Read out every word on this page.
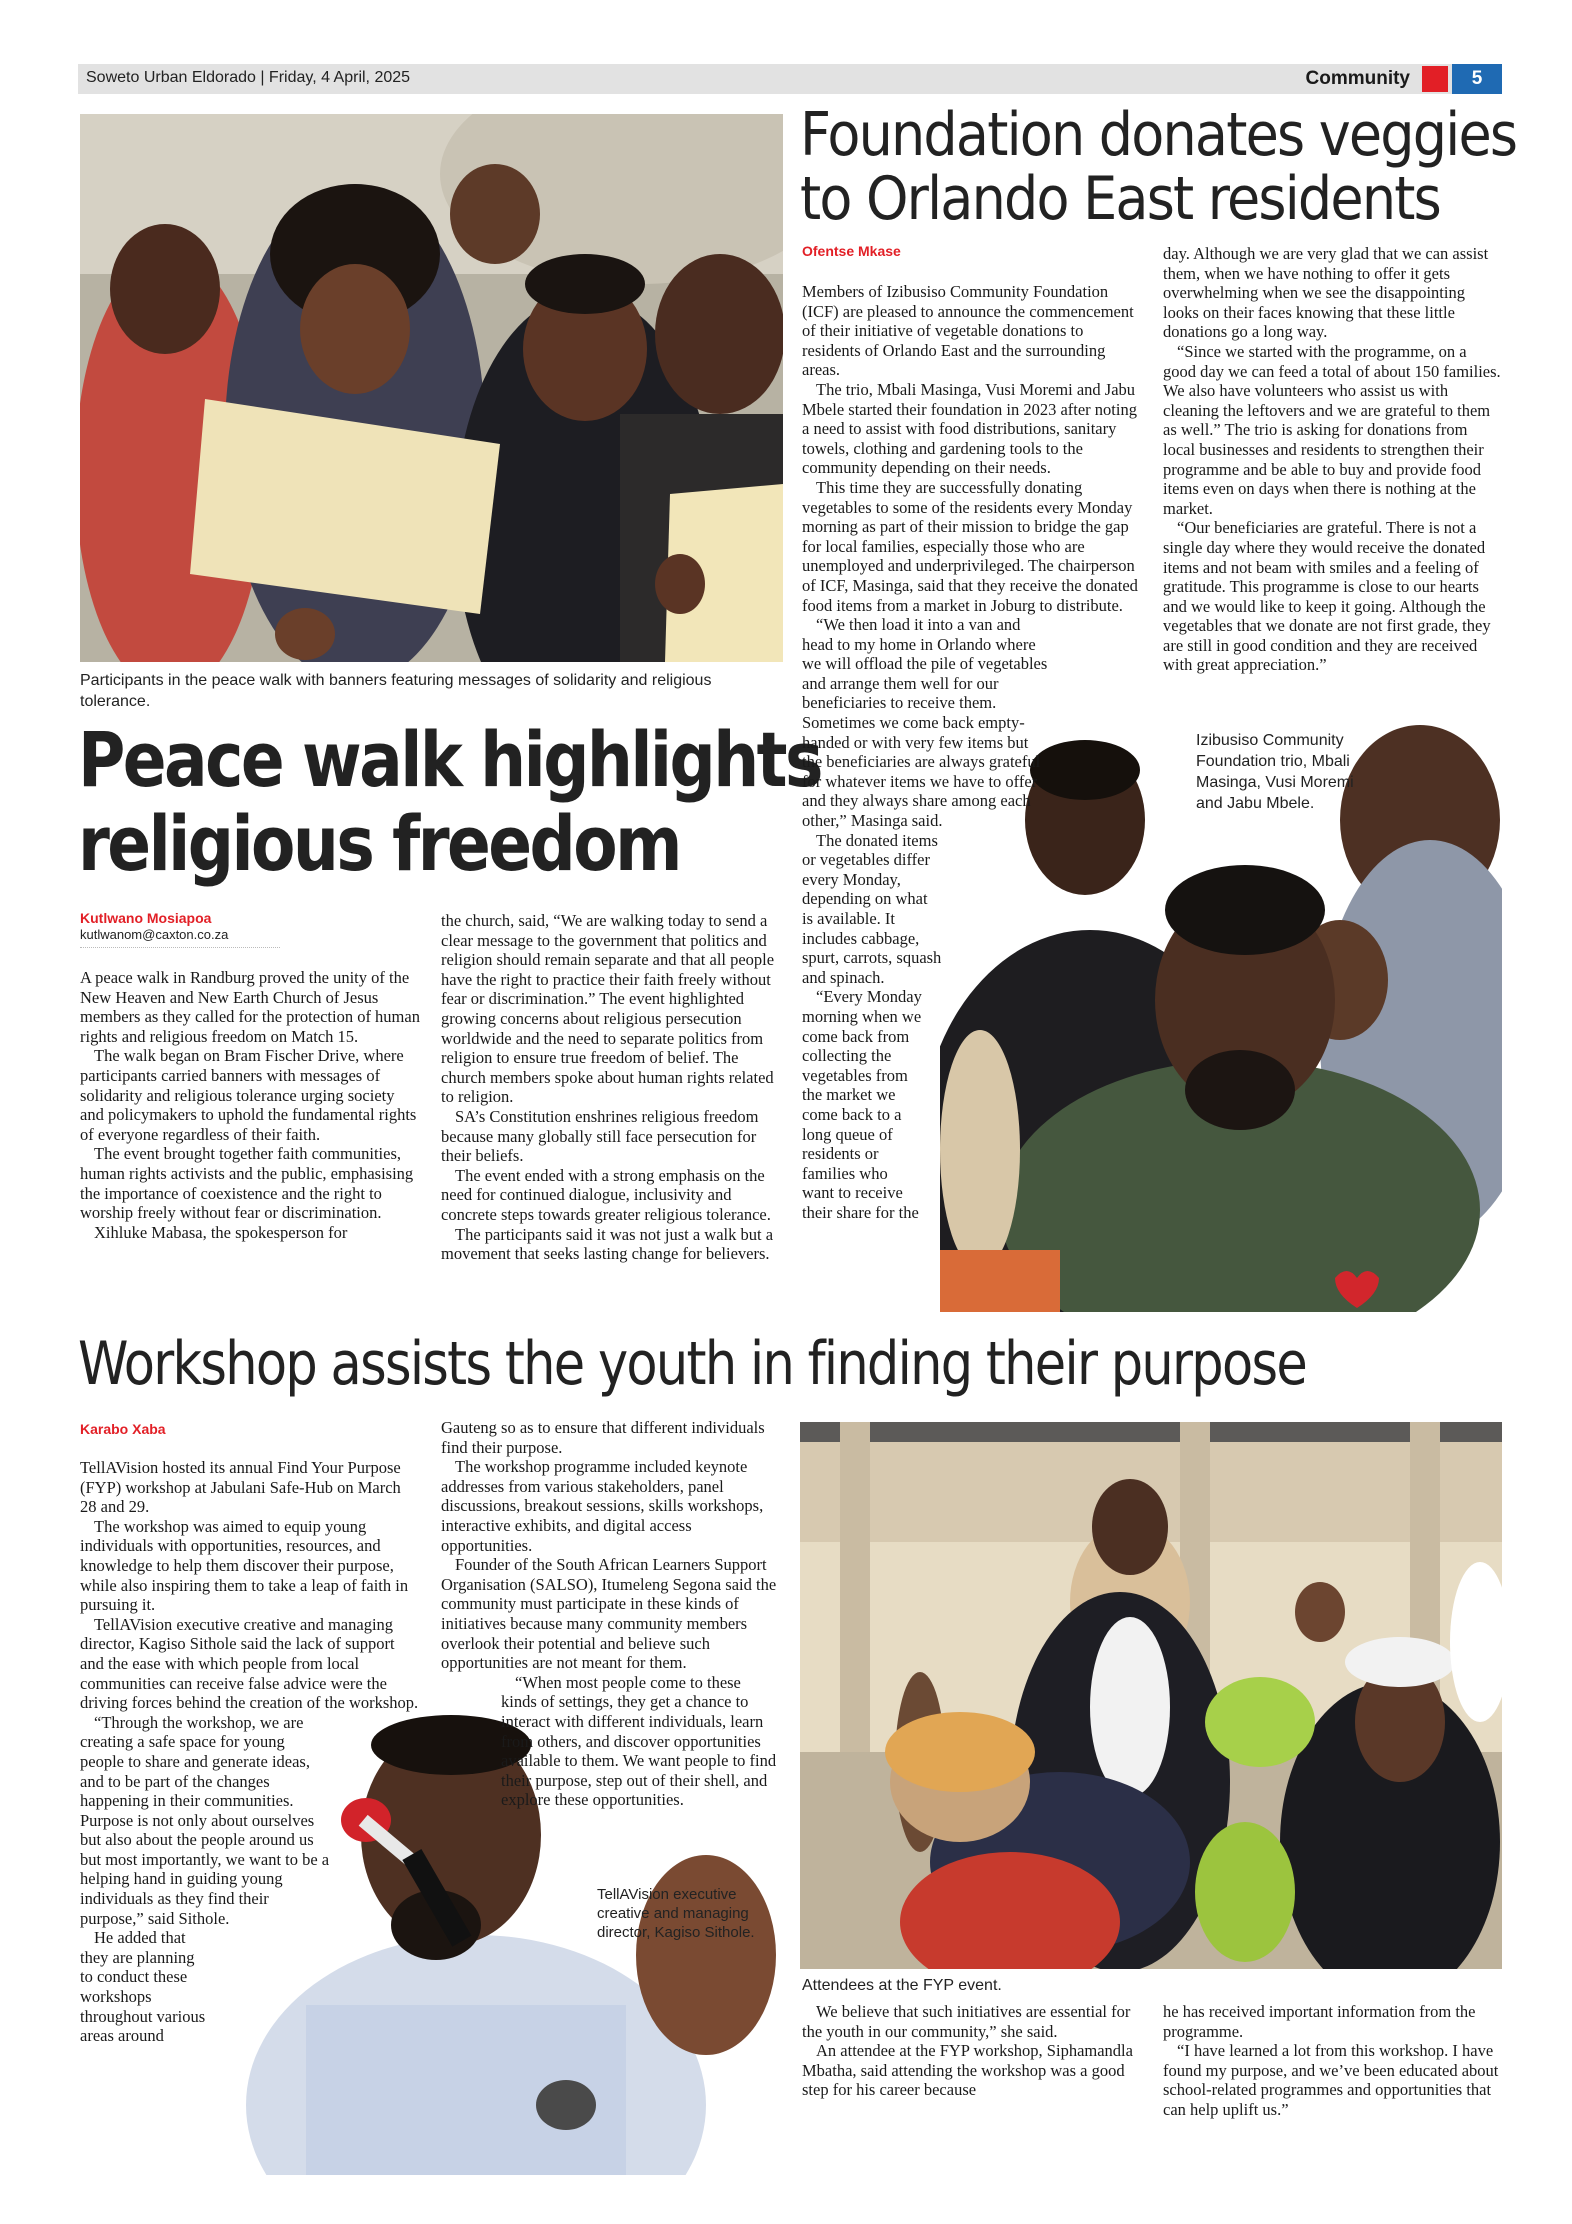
Soweto Urban Eldorado | Friday, 4 April, 2025	Community	5
Participants in the peace walk with banners featuring messages of solidarity and religious tolerance.
Peace walk highlights
religious freedom
Kutlwano Mosiapoa
kutlwanom@caxton.co.za

A peace walk in Randburg proved the unity of the New Heaven and New Earth Church of Jesus members as they called for the protection of human rights and religious freedom on Match 15.

The walk began on Bram Fischer Drive, where participants carried banners with messages of solidarity and religious tolerance urging society and policymakers to uphold the fundamental rights of everyone regardless of their faith.

The event brought together faith communities, human rights activists and the public, emphasising the importance of coexistence and the right to worship freely without fear or discrimination.

Xihluke Mabasa, the spokesperson for

the church, said, “We are walking today to send a clear message to the government that politics and religion should remain separate and that all people have the right to practice their faith freely without fear or discrimination.” The event highlighted growing concerns about religious persecution worldwide and the need to separate politics from religion to ensure true freedom of belief. The church members spoke about human rights related to religion.

SA’s Constitution enshrines religious freedom because many globally still face persecution for their beliefs.

The event ended with a strong emphasis on the need for continued dialogue, inclusivity and concrete steps towards greater religious tolerance.

The participants said it was not just a walk but a movement that seeks lasting change for believers.

Foundation donates veggies
to Orlando East residents
Ofentse Mkase
Izibusiso Community Foundation trio, Mbali Masinga, Vusi Moremi and Jabu Mbele.

Members of Izibusiso Community Foundation (ICF) are pleased to announce the commencement of their initiative of vegetable donations to residents of Orlando East and the surrounding areas.

The trio, Mbali Masinga, Vusi Moremi and Jabu Mbele started their foundation in 2023 after noting a need to assist with food distributions, sanitary towels, clothing and gardening tools to the community depending on their needs.

This time they are successfully donating vegetables to some of the residents every Monday morning as part of their mission to bridge the gap for local families, especially those who are unemployed and underprivileged. The chairperson of ICF, Masinga, said that they receive the donated food items from a market in Joburg to distribute.

“We then load it into a van and head to my home in Orlando where we will offload the pile of vegetables and arrange them well for our beneficiaries to receive them. Sometimes we come back empty-handed or with very few items but the beneficiaries are always grateful for whatever items we have to offer and they always share among each other,” Masinga said.

The donated items or vegetables differ every Monday, depending on what is available. It includes cabbage, spurt, carrots, squash and spinach.

“Every Monday morning when we come back from collecting the vegetables from the market we come back to a long queue of residents or families who want to receive their share for the

day. Although we are very glad that we can assist them, when we have nothing to offer it gets overwhelming when we see the disappointing looks on their faces knowing that these little donations go a long way.

“Since we started with the programme, on a good day we can feed a total of about 150 families. We also have volunteers who assist us with cleaning the leftovers and we are grateful to them as well.” The trio is asking for donations from local businesses and residents to strengthen their programme and be able to buy and provide food items even on days when there is nothing at the market.

“Our beneficiaries are grateful. There is not a single day where they would receive the donated items and not beam with smiles and a feeling of gratitude. This programme is close to our hearts and we would like to keep it going. Although the vegetables that we donate are not first grade, they are still in good condition and they are received with great appreciation.”

Workshop assists the youth in finding their purpose
Karabo Xaba

TellAVision hosted its annual Find Your Purpose (FYP) workshop at Jabulani Safe-Hub on March 28 and 29.

The workshop was aimed to equip young individuals with opportunities, resources, and knowledge to help them discover their purpose, while also inspiring them to take a leap of faith in pursuing it.

TellAVision executive creative and managing director, Kagiso Sithole said the lack of support and the ease with which people from local communities can receive false advice were the driving forces behind the creation of the workshop.

“Through the workshop, we are creating a safe space for young people to share and generate ideas, and to be part of the changes happening in their communities. Purpose is not only about ourselves but also about the people around us but most importantly, we want to be a helping hand in guiding young individuals as they find their purpose,” said Sithole.

He added that they are planning to conduct these workshops throughout various areas around

Gauteng so as to ensure that different individuals find their purpose.

The workshop programme included keynote addresses from various stakeholders, panel discussions, breakout sessions, skills workshops, interactive exhibits, and digital access opportunities.

Founder of the South African Learners Support Organisation (SALSO), Itumeleng Segona said the community must participate in these kinds of initiatives because many community members overlook their potential and believe such opportunities are not meant for them.

“When most people come to these kinds of settings, they get a chance to interact with different individuals, learn from others, and discover opportunities available to them. We want people to find their purpose, step out of their shell, and explore these opportunities.

TellAVision executive creative and managing director, Kagiso Sithole.
Attendees at the FYP event.

We believe that such initiatives are essential for the youth in our community,” she said.

An attendee at the FYP workshop, Siphamandla Mbatha, said attending the workshop was a good step for his career because

he has received important information from the programme.

“I have learned a lot from this workshop. I have found my purpose, and we’ve been educated about school-related programmes and opportunities that can help uplift us.”
